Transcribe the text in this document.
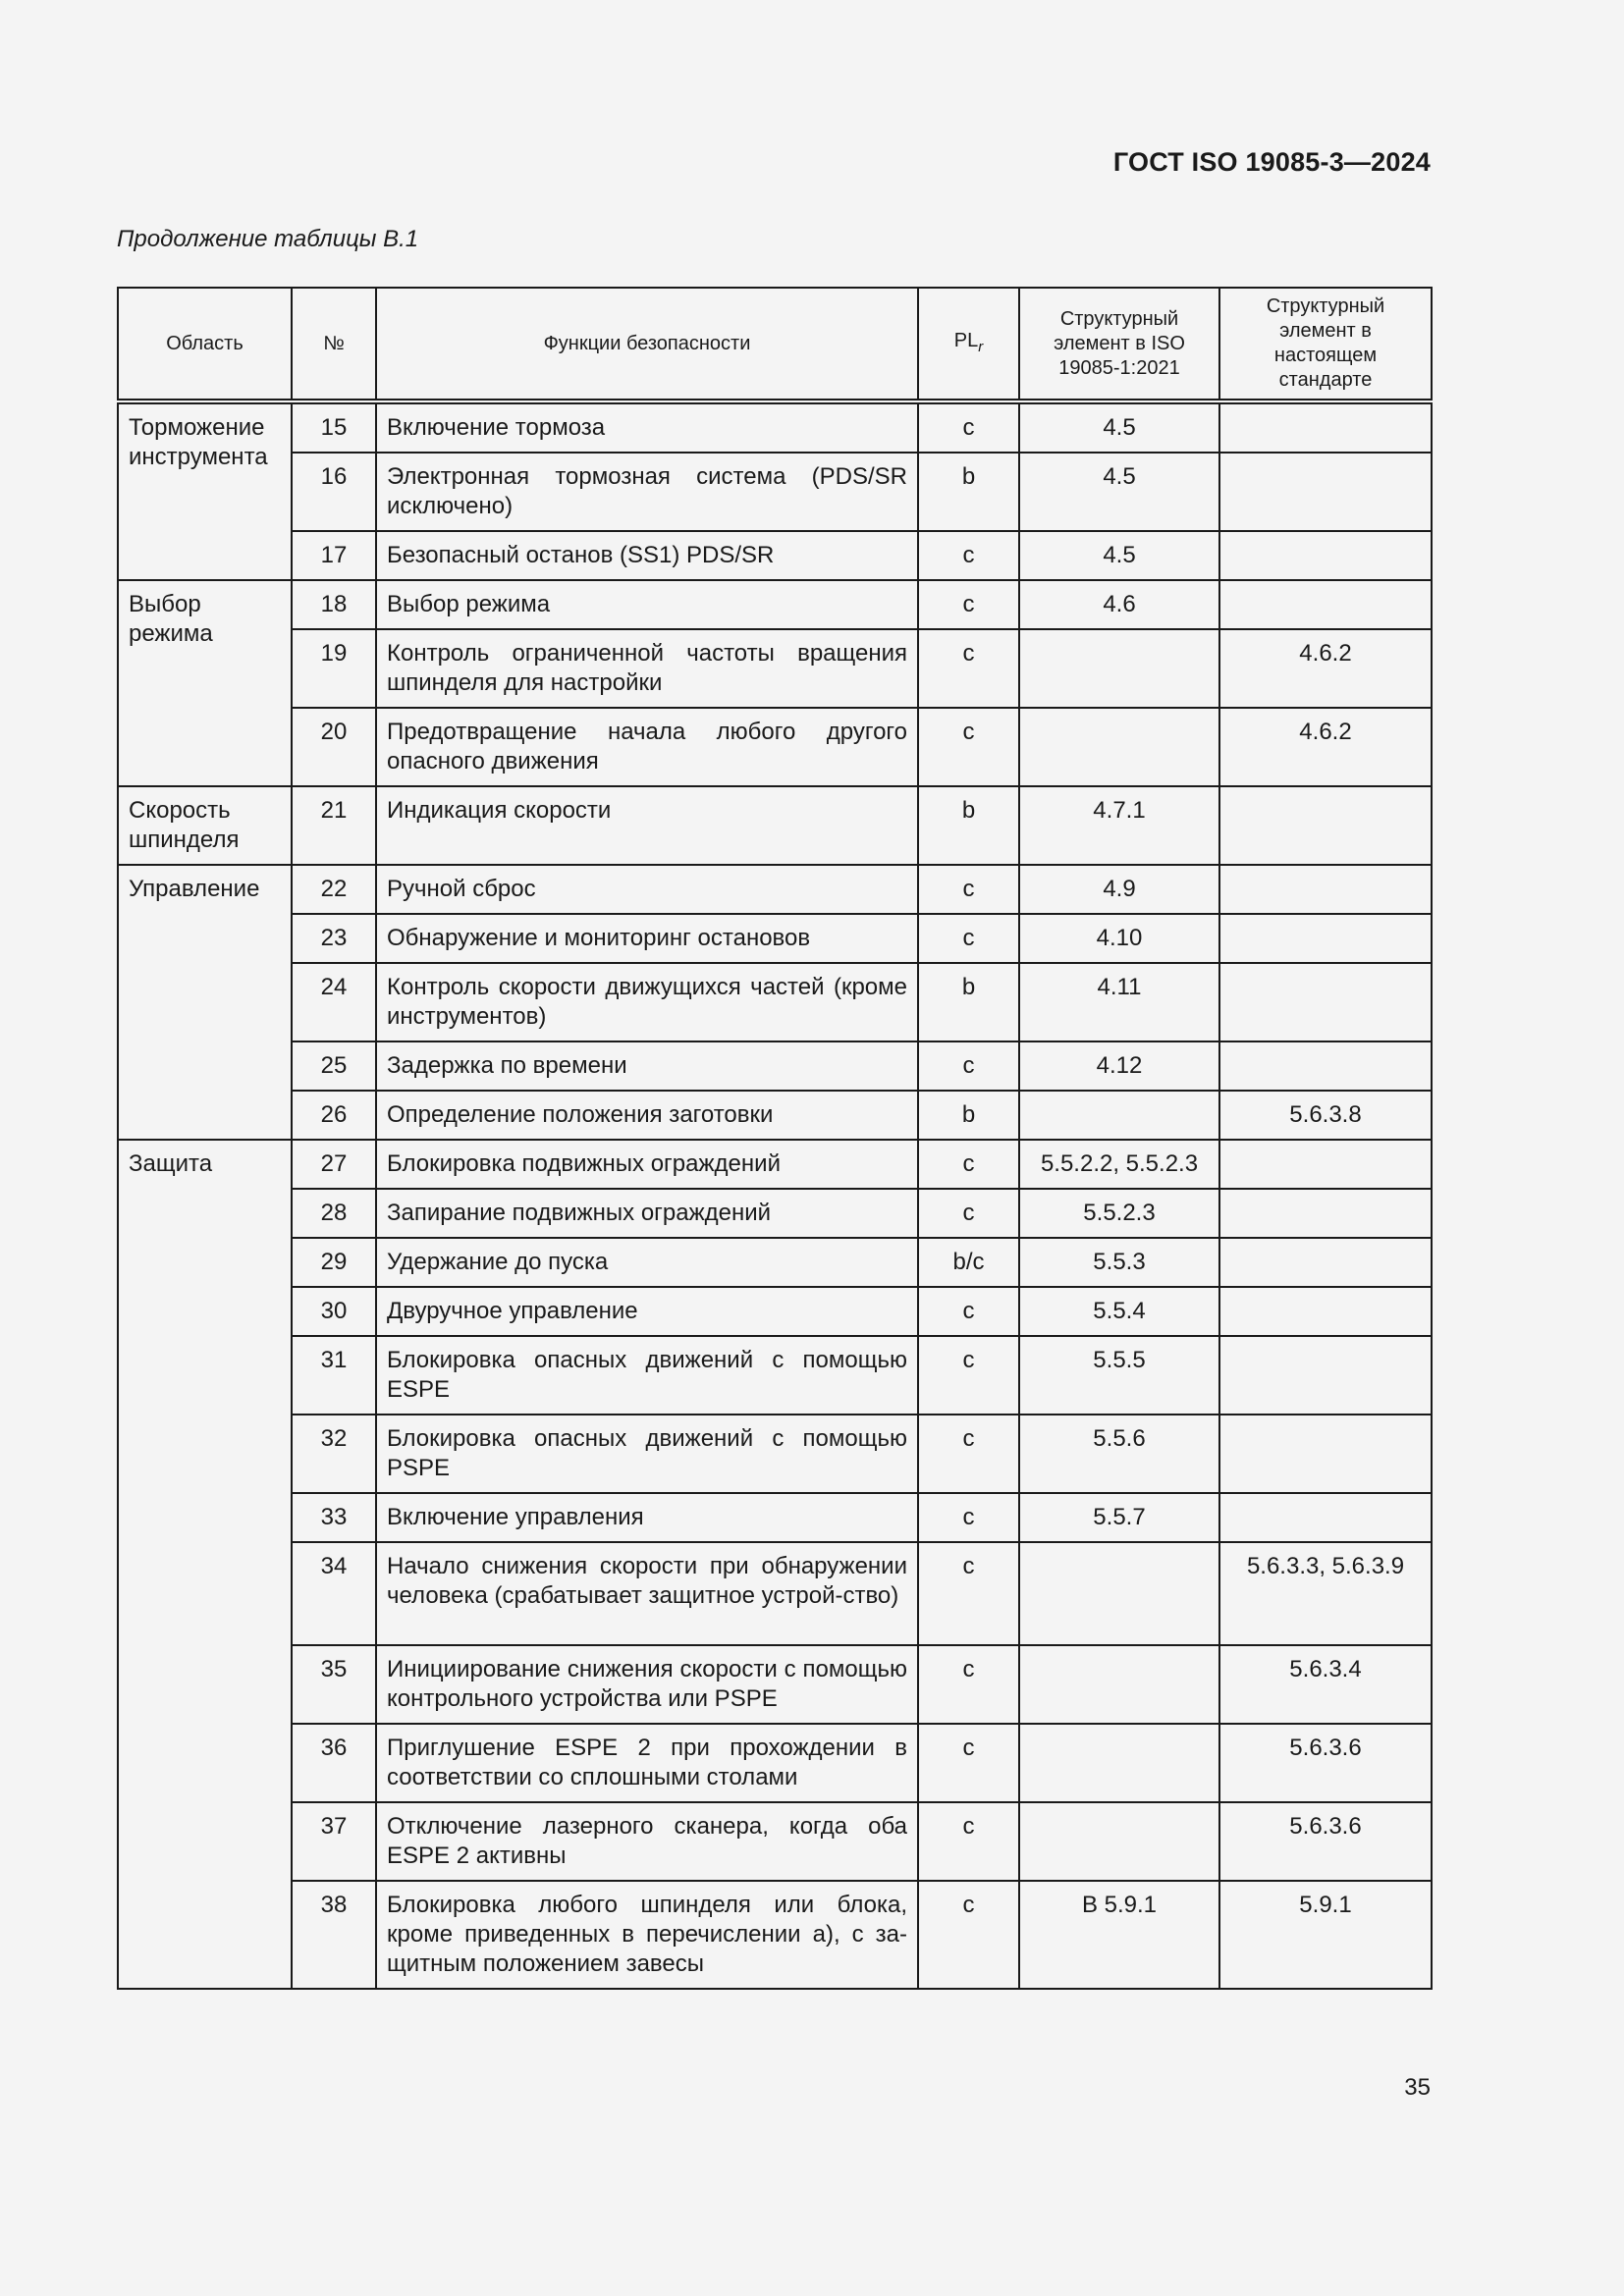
ГОСТ ISO 19085-3—2024
Продолжение таблицы В.1
Область	№	Функции безопасности	$PL_r$	Структурный элемент в ISO 19085-1:2021	Структурный элемент в настоящем стандарте
Торможение инструмента	15	Включение тормоза	c	4.5	
	16	Электронная тормозная система (PDS/SR исключено)	b	4.5	
	17	Безопасный останов (SS1) PDS/SR	c	4.5	
Выбор режима	18	Выбор режима	c	4.6	
	19	Контроль ограниченной частоты вращения шпинделя для настройки	c		4.6.2
	20	Предотвращение начала любого другого опасного движения	c		4.6.2
Скорость шпинделя	21	Индикация скорости	b	4.7.1	
Управление	22	Ручной сброс	c	4.9	
	23	Обнаружение и мониторинг остановов	c	4.10	
	24	Контроль скорости движущихся частей (кроме инструментов)	b	4.11	
	25	Задержка по времени	c	4.12	
	26	Определение положения заготовки	b		5.6.3.8
Защита	27	Блокировка подвижных ограждений	c	5.5.2.2, 5.5.2.3	
	28	Запирание подвижных ограждений	c	5.5.2.3	
	29	Удержание до пуска	b/c	5.5.3	
	30	Двуручное управление	c	5.5.4	
	31	Блокировка опасных движений с помощью ESPE	c	5.5.5	
	32	Блокировка опасных движений с помощью PSPE	c	5.5.6	
	33	Включение управления	c	5.5.7	
	34	Начало снижения скорости при обнаружении человека (срабатывает защитное устрой-ство)	c		5.6.3.3, 5.6.3.9
	35	Инициирование снижения скорости с помощью контрольного устройства или PSPE	c		5.6.3.4
	36	Приглушение ESPE 2 при прохождении в соответствии со сплошными столами	c		5.6.3.6
	37	Отключение лазерного сканера, когда оба ESPE 2 активны	c		5.6.3.6
	38	Блокировка любого шпинделя или блока, кроме приведенных в перечислении а), с за-щитным положением завесы	c	В 5.9.1	5.9.1
35
